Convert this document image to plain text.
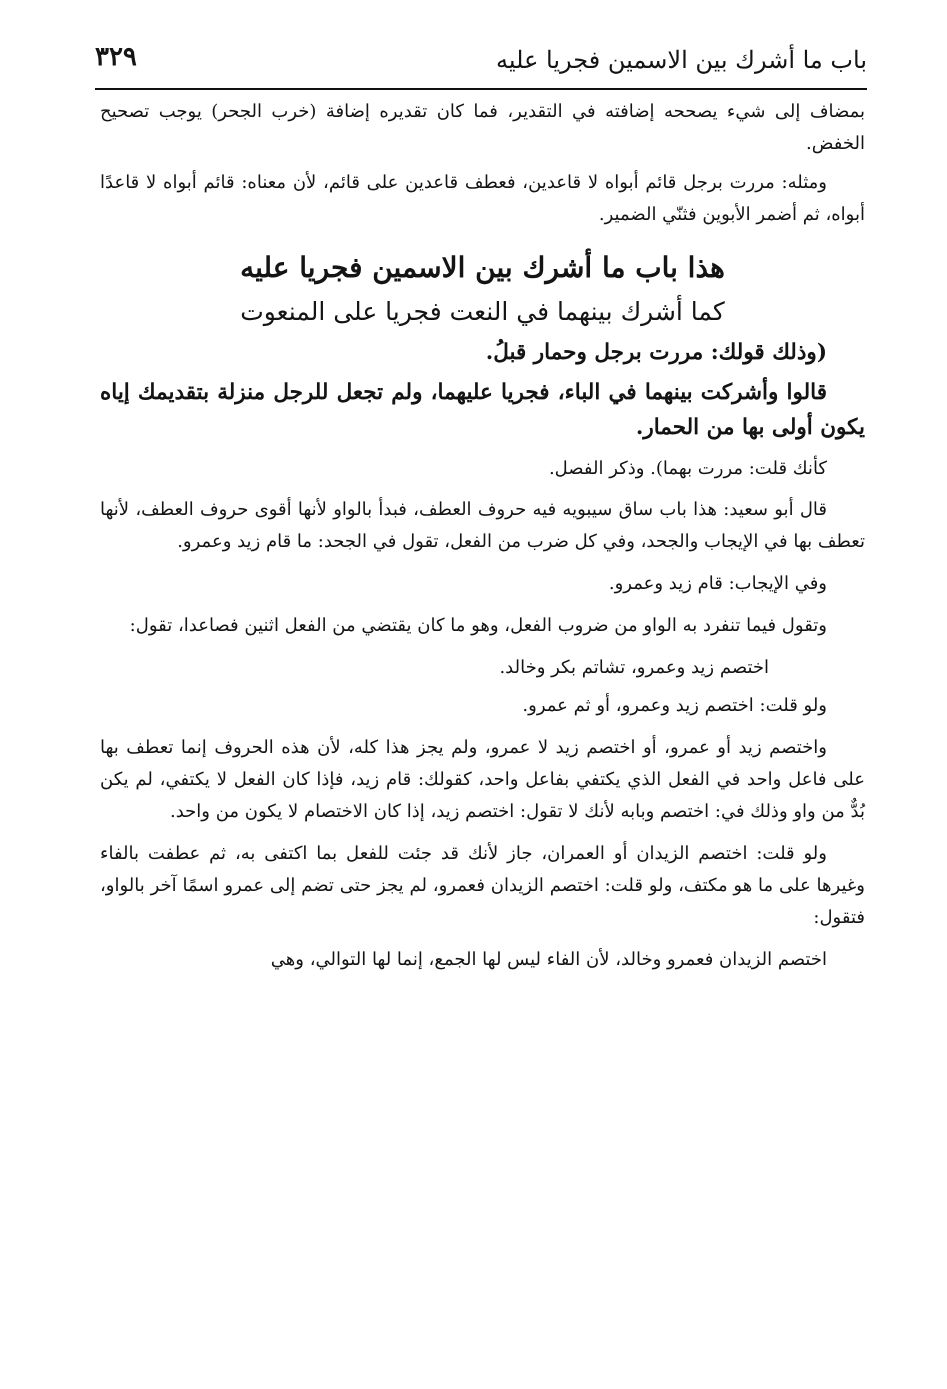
باب ما أشرك بين الاسمين فجريا عليه
٣٢٩

بمضاف إلى شيء يصححه إضافته في التقدير، فما كان تقديره إضافة (خرب الجحر) يوجب تصحيح الخفض.

ومثله: مررت برجل قائم أبواه لا قاعدين، فعطف قاعدين على قائم، لأن معناه: قائم أبواه لا قاعدًا أبواه، ثم أضمر الأبوين فثنّي الضمير.

هذا باب ما أشرك بين الاسمين فجريا عليه

كما أشرك بينهما في النعت فجريا على المنعوت

(وذلك قولك: مررت برجل وحمار قبلُ.

قالوا وأشركت بينهما في الباء، فجريا عليهما، ولم تجعل للرجل منزلة بتقديمك إياه يكون أولى بها من الحمار.

كأنك قلت: مررت بهما). وذكر الفصل.

قال أبو سعيد: هذا باب ساق سيبويه فيه حروف العطف، فبدأ بالواو لأنها أقوى حروف العطف، لأنها تعطف بها في الإيجاب والجحد، وفي كل ضرب من الفعل، تقول في الجحد: ما قام زيد وعمرو.

وفي الإيجاب: قام زيد وعمرو.

وتقول فيما تنفرد به الواو من ضروب الفعل، وهو ما كان يقتضي من الفعل اثنين فصاعدا، تقول:

اختصم زيد وعمرو، تشاتم بكر وخالد.

ولو قلت: اختصم زيد وعمرو، أو ثم عمرو.

واختصم زيد أو عمرو، أو اختصم زيد لا عمرو، ولم يجز هذا كله، لأن هذه الحروف إنما تعطف بها على فاعل واحد في الفعل الذي يكتفي بفاعل واحد، كقولك: قام زيد، فإذا كان الفعل لا يكتفي، لم يكن بُدٌّ من واو وذلك في: اختصم وبابه لأنك لا تقول: اختصم زيد، إذا كان الاختصام لا يكون من واحد.

ولو قلت: اختصم الزيدان أو العمران، جاز لأنك قد جئت للفعل بما اكتفى به، ثم عطفت بالفاء وغيرها على ما هو مكتف، ولو قلت: اختصم الزيدان فعمرو، لم يجز حتى تضم إلى عمرو اسمًا آخر بالواو، فتقول:

اختصم الزيدان فعمرو وخالد، لأن الفاء ليس لها الجمع، إنما لها التوالي، وهي
